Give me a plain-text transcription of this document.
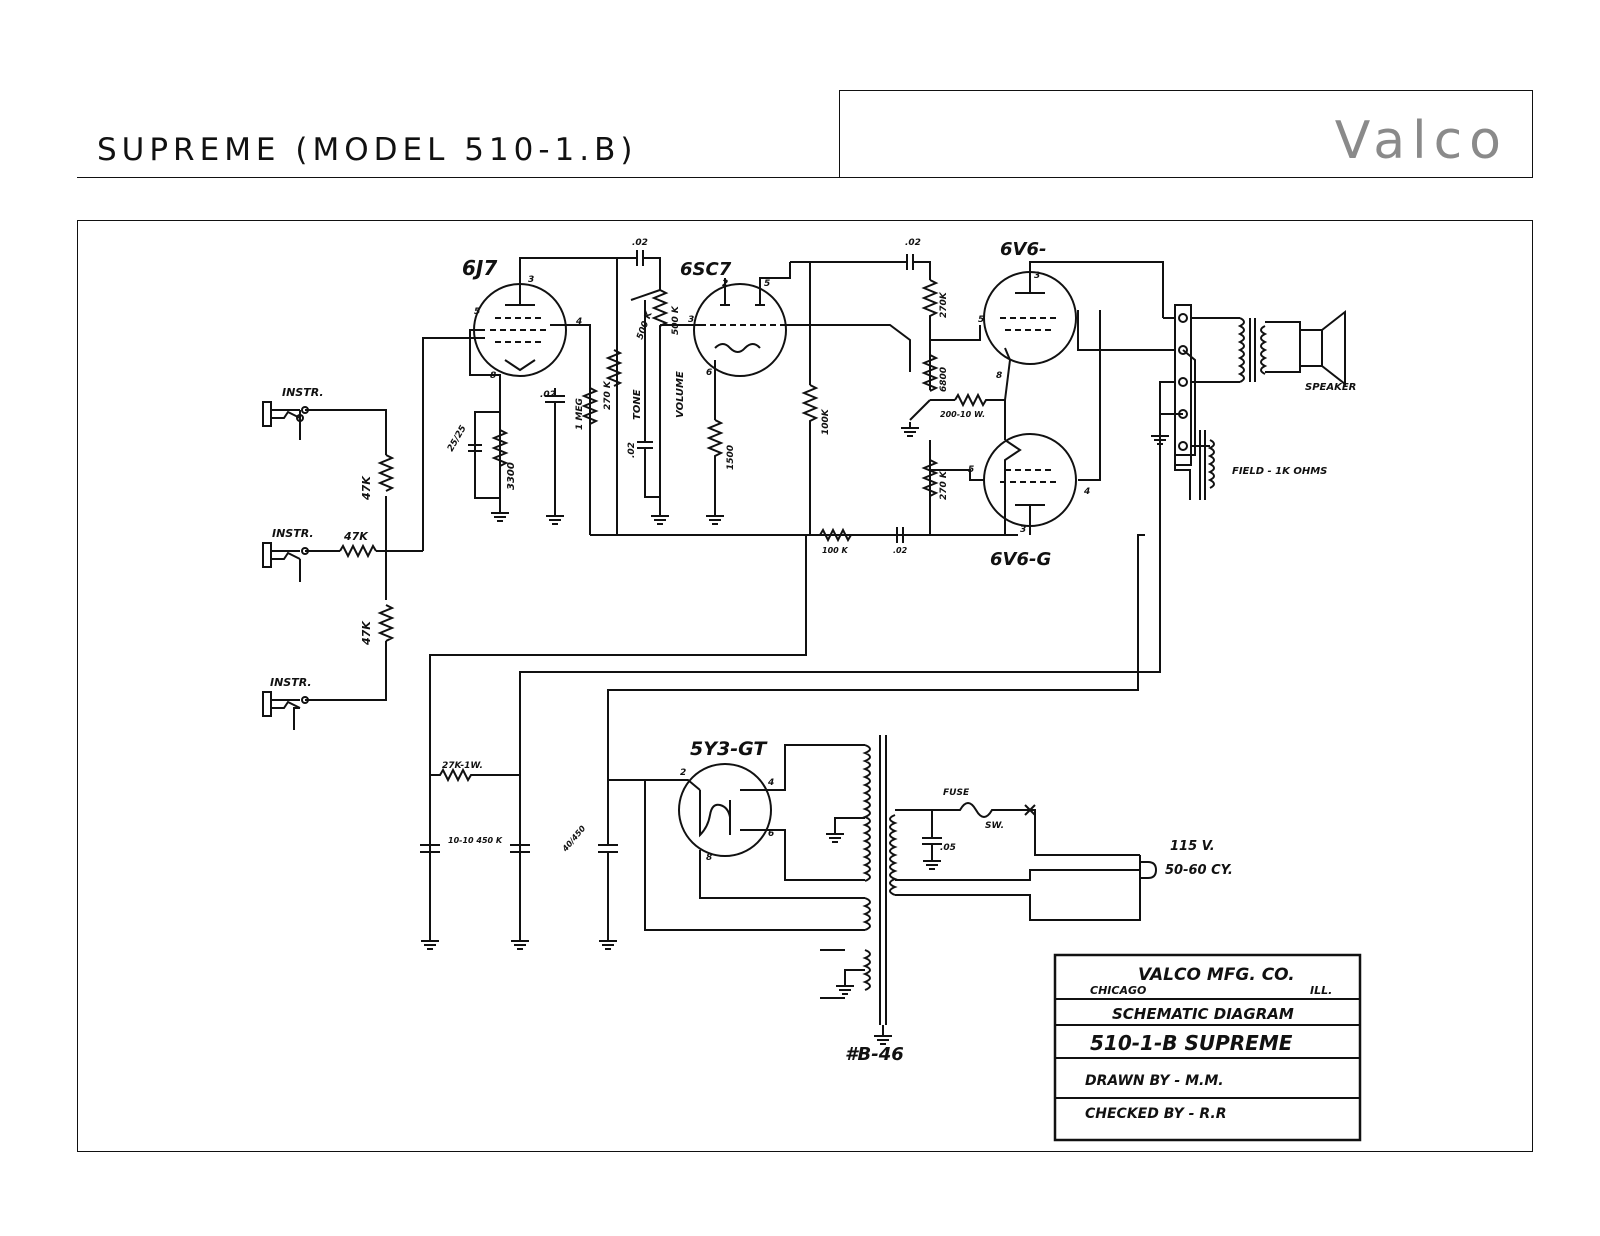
SUPREME (MODEL 510-1.B)	Valco
6J7	6SC7
6V6-
6V6-G
5Y3-GT
INSTR.
INSTR.
INSTR.
47K
47K
47K
25/25
3300
.02
1 MEG
270 K
.02
.02
TONE
500 K
VOLUME
500 K
1500
100K
.02
270K
6800
200-10 W.
270 K
100 K	.02
27K-1W.
10-10 450 K	40/450	.05
FUSE
SW.
115 V.
50-60 CY.
#B-46
SPEAKER
FIELD - 1K OHMS
3
5
4
8
2	5
3
6
5
3
8
5
4
3
2
4
6
8
VALCO MFG. CO.
CHICAGO	ILL.
SCHEMATIC DIAGRAM
510-1-B SUPREME
DRAWN BY - M.M.
CHECKED BY - R.R
